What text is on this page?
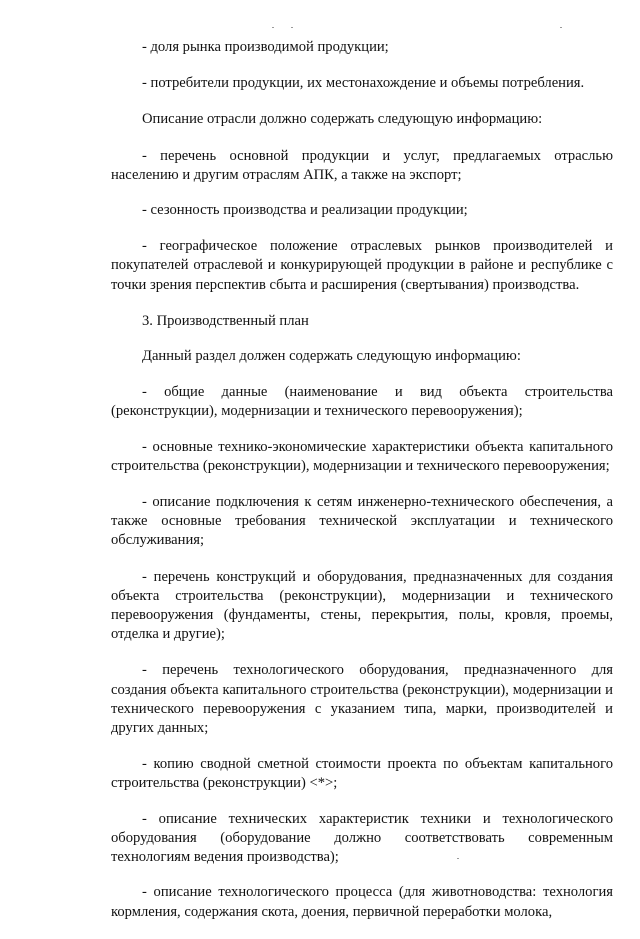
- доля рынка производимой продукции;

- потребители продукции, их местонахождение и объемы потребления.

Описание отрасли должно содержать следующую информацию:

- перечень основной продукции и услуг, предлагаемых отраслью населению и другим отраслям АПК, а также на экспорт;

- сезонность производства и реализации продукции;

- географическое положение отраслевых рынков производителей и покупателей отраслевой и конкурирующей продукции в районе и республике с точки зрения перспектив сбыта и расширения (свертывания) производства.

3. Производственный план

Данный раздел должен содержать следующую информацию:

- общие данные (наименование и вид объекта строительства (реконструкции), модернизации и технического перевооружения);

- основные технико-экономические характеристики объекта капитального строительства (реконструкции), модернизации и технического перевооружения;

- описание подключения к сетям инженерно-технического обеспечения, а также основные требования технической эксплуатации и технического обслуживания;

- перечень конструкций и оборудования, предназначенных для создания объекта строительства (реконструкции), модернизации и технического перевооружения (фундаменты, стены, перекрытия, полы, кровля, проемы, отделка и другие);

- перечень технологического оборудования, предназначенного для создания объекта капитального строительства (реконструкции), модернизации и технического перевооружения с указанием типа, марки, производителей и других данных;

- копию сводной сметной стоимости проекта по объектам капитального строительства (реконструкции) <*>;

- описание технических характеристик техники и технологического оборудования (оборудование должно соответствовать современным технологиям ведения производства);

- описание технологического процесса (для животноводства: технология кормления, содержания скота, доения, первичной переработки молока,
